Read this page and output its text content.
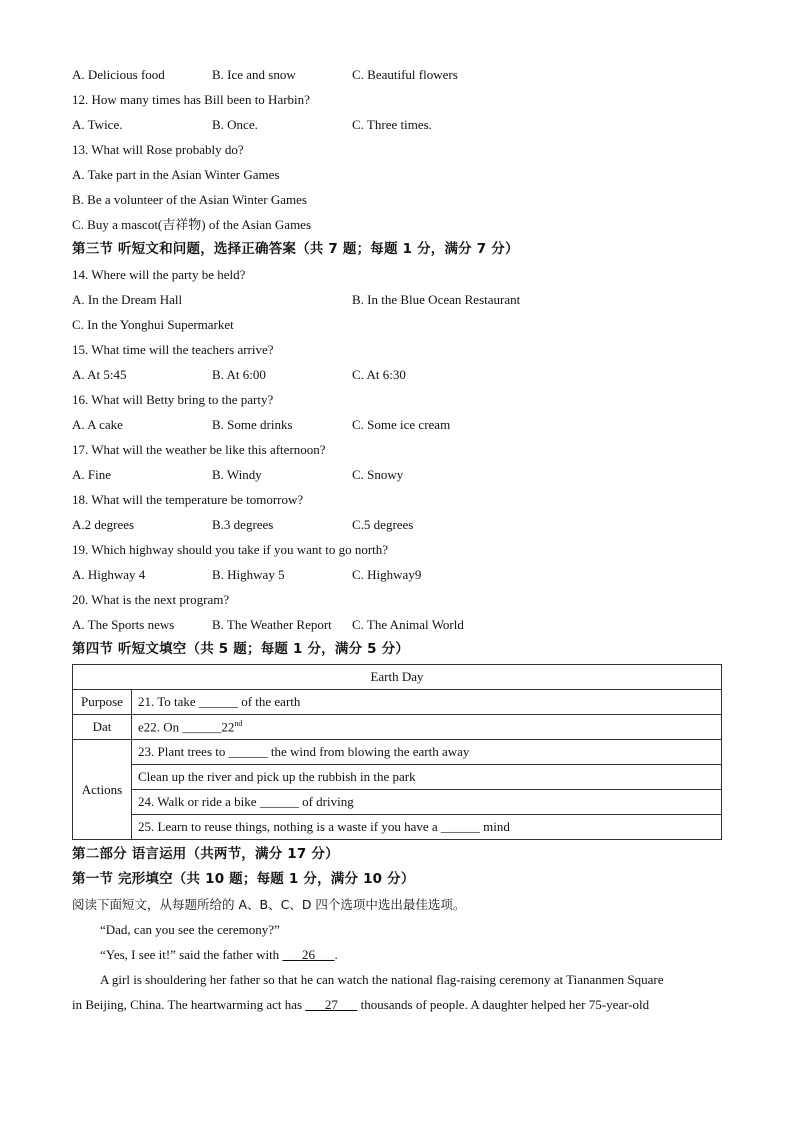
A. Delicious food	B. Ice and snow	C. Beautiful flowers
12. How many times has Bill been to Harbin?
A. Twice.	B. Once.	C. Three times.
13. What will Rose probably do?
A. Take part in the Asian Winter Games
B. Be a volunteer of the Asian Winter Games
C. Buy a mascot(吉祥物) of the Asian Games
第三节 听短文和问题，选择正确答案（共 7 题；每题 1 分，满分 7 分）
14. Where will the party be held?
A. In the Dream Hall	B. In the Blue Ocean Restaurant
C. In the Yonghui Supermarket
15. What time will the teachers arrive?
A. At 5:45	B. At 6:00	C. At 6:30
16. What will Betty bring to the party?
A. A cake	B. Some drinks	C. Some ice cream
17. What will the weather be like this afternoon?
A. Fine	B. Windy	C. Snowy
18. What will the temperature be tomorrow?
A.2 degrees	B.3 degrees	C.5 degrees
19. Which highway should you take if you want to go north?
A. Highway 4	B. Highway 5	C. Highway9
20. What is the next program?
A. The Sports news	B. The Weather Report C. The Animal World
第四节 听短文填空（共 5 题；每题 1 分，满分 5 分）
Earth Day	
Purpose	21. To take ______ of the earth
Dat	e22. On ______22nd
Actions	23. Plant trees to ______ the wind from blowing the earth away
	Clean up the river and pick up the rubbish in the park
	24. Walk or ride a bike ______ of driving
	25. Learn to reuse things, nothing is a waste if you have a ______ mind
第二部分 语言运用（共两节，满分 17 分）
第一节 完形填空（共 10 题；每题 1 分，满分 10 分）
阅读下面短文，从每题所给的 A、B、C、D 四个选项中选出最佳选项。
“Dad, can you see the ceremony?”
“Yes, I see it!” said the father with ___26___.
A girl is shouldering her father so that he can watch the national flag-raising ceremony at Tiananmen Square
in Beijing, China. The heartwarming act has ___27___ thousands of people. A daughter helped her 75-year-old
